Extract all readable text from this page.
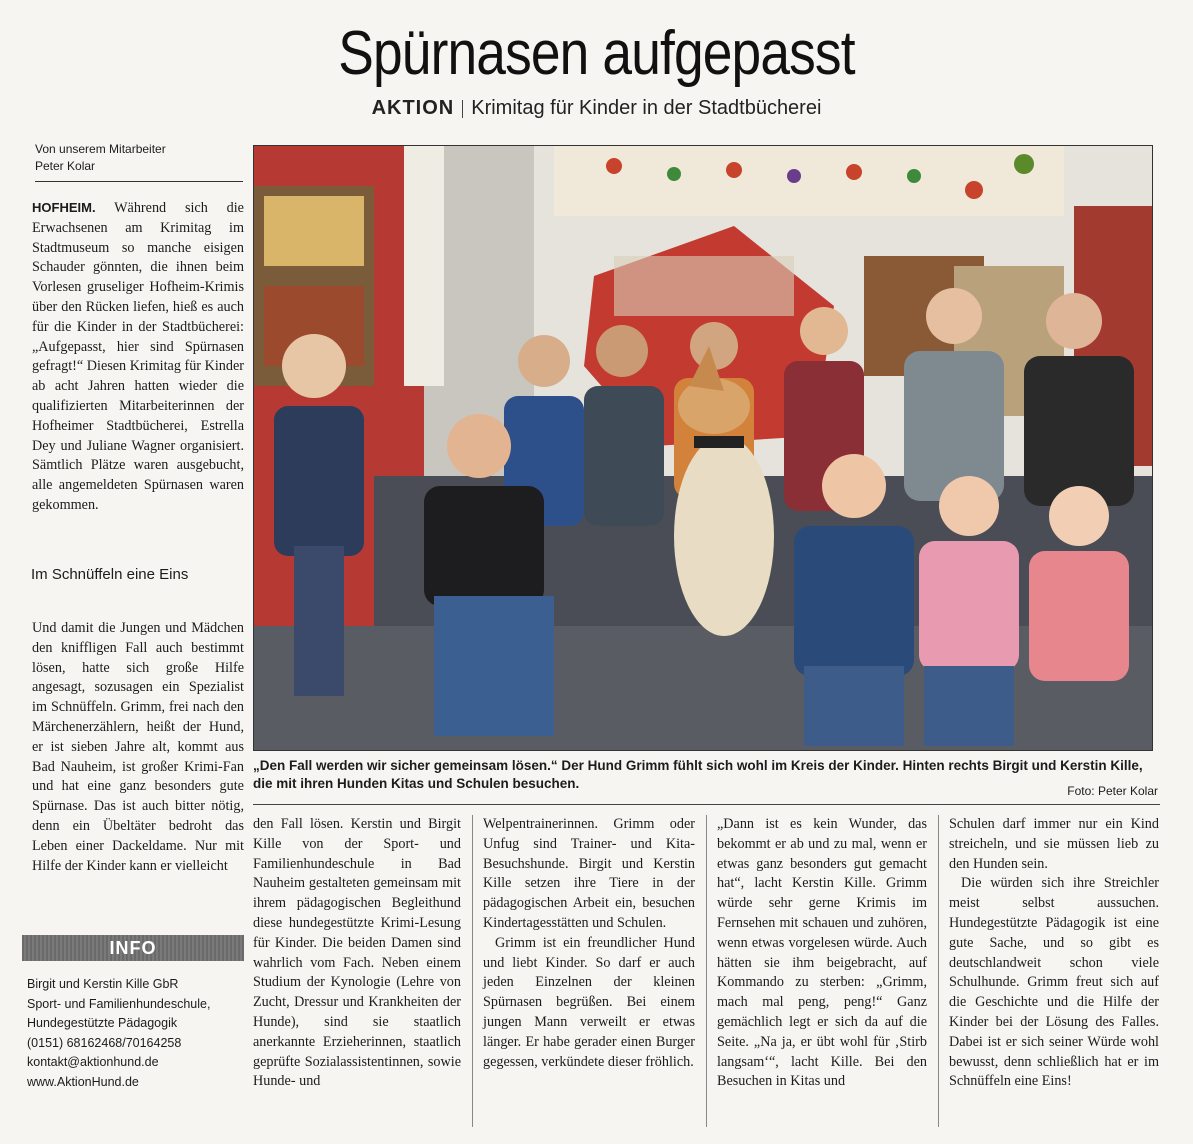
Spürnasen aufgepasst
AKTION Krimitag für Kinder in der Stadtbücherei
Von unserem Mitarbeiter
Peter Kolar

HOFHEIM. Während sich die Erwachsenen am Krimitag im Stadtmuseum so manche eisigen Schauder gönnten, die ihnen beim Vorlesen gruseliger Hofheim-Krimis über den Rücken liefen, hieß es auch für die Kinder in der Stadtbücherei: „Aufgepasst, hier sind Spürnasen gefragt!“ Diesen Krimitag für Kinder ab acht Jahren hatten wieder die qualifizierten Mitarbeiterinnen der Hofheimer Stadtbücherei, Estrella Dey und Juliane Wagner organisiert. Sämtlich Plätze waren ausgebucht, alle angemeldeten Spürnasen waren gekommen.

Im Schnüffeln eine Eins

Und damit die Jungen und Mädchen den kniffligen Fall auch bestimmt lösen, hatte sich große Hilfe angesagt, sozusagen ein Spezialist im Schnüffeln. Grimm, frei nach den Märchenerzählern, heißt der Hund, er ist sieben Jahre alt, kommt aus Bad Nauheim, ist großer Krimi-Fan und hat eine ganz besonders gute Spürnase. Das ist auch bitter nötig, denn ein Übeltäter bedroht das Leben einer Dackeldame. Nur mit Hilfe der Kinder kann er vielleicht

INFO
Birgit und Kerstin Kille GbR
Sport- und Familienhundeschule,
Hundegestützte Pädagogik
(0151) 68162468/70164258
kontakt@aktionhund.de
www.AktionHund.de
„Den Fall werden wir sicher gemeinsam lösen.“ Der Hund Grimm fühlt sich wohl im Kreis der Kinder. Hinten rechts Birgit und Kerstin Kille, die mit ihren Hunden Kitas und Schulen besuchen.	Foto: Peter Kolar

den Fall lösen. Kerstin und Birgit Kille von der Sport- und Familienhundeschule in Bad Nauheim gestalteten gemeinsam mit ihrem pädagogischen Begleithund diese hundegestützte Krimi-Lesung für Kinder. Die beiden Damen sind wahrlich vom Fach. Neben einem Studium der Kynologie (Lehre von Zucht, Dressur und Krankheiten der Hunde), sind sie staatlich anerkannte Erzieherinnen, staatlich geprüfte Sozialassistentinnen, sowie Hunde- und

Welpentrainerinnen. Grimm oder Unfug sind Trainer- und Kita-Besuchshunde. Birgit und Kerstin Kille setzen ihre Tiere in der pädagogischen Arbeit ein, besuchen Kindertagesstätten und Schulen.

Grimm ist ein freundlicher Hund und liebt Kinder. So darf er auch jeden Einzelnen der kleinen Spürnasen begrüßen. Bei einem jungen Mann verweilt er etwas länger. Er habe gerader einen Burger gegessen, verkündete dieser fröhlich.

„Dann ist es kein Wunder, das bekommt er ab und zu mal, wenn er etwas ganz besonders gut gemacht hat“, lacht Kerstin Kille. Grimm würde sehr gerne Krimis im Fernsehen mit schauen und zuhören, wenn etwas vorgelesen würde. Auch hätten sie ihm beigebracht, auf Kommando zu sterben: „Grimm, mach mal peng, peng!“ Ganz gemächlich legt er sich da auf die Seite. „Na ja, er übt wohl für ‚Stirb langsam‘“, lacht Kille. Bei den Besuchen in Kitas und

Schulen darf immer nur ein Kind streicheln, und sie müssen lieb zu den Hunden sein.

Die würden sich ihre Streichler meist selbst aussuchen. Hundegestützte Pädagogik ist eine gute Sache, und so gibt es deutschlandweit schon viele Schulhunde. Grimm freut sich auf die Geschichte und die Hilfe der Kinder bei der Lösung des Falles. Dabei ist er sich seiner Würde wohl bewusst, denn schließlich hat er im Schnüffeln eine Eins!
